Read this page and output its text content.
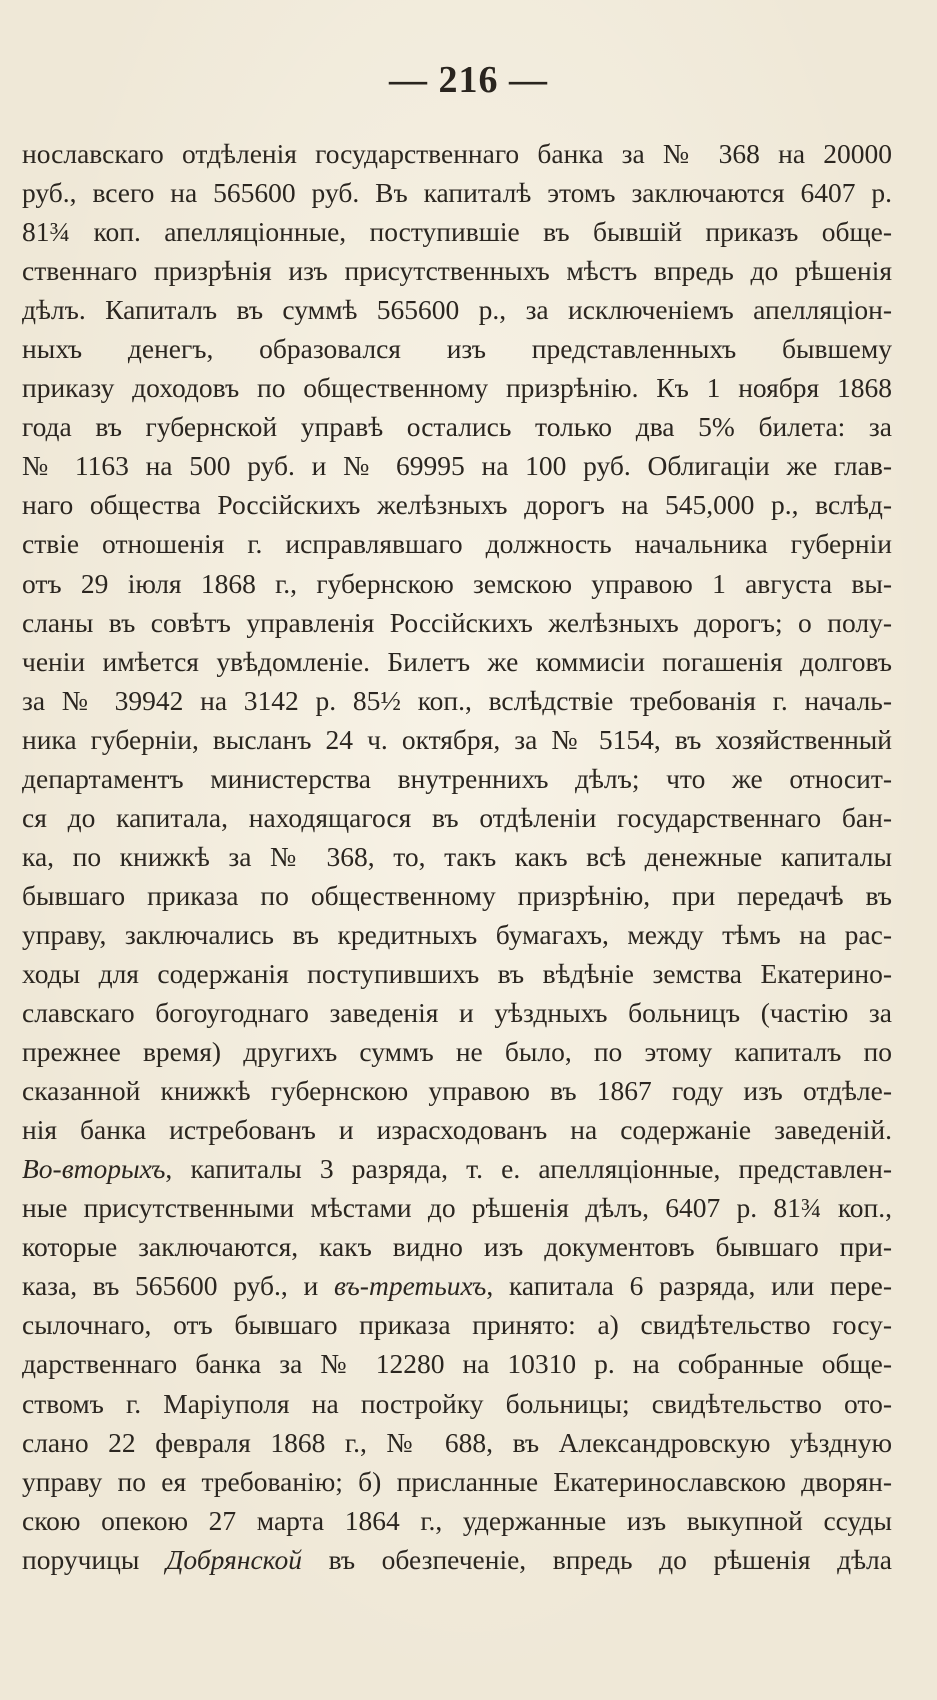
— 216 —
нославскаго отдѣленія государственнаго банка за № 368 на 20000
руб., всего на 565600 руб. Въ капиталѣ этомъ заключаются 6407 р.
81¾ коп. апелляціонные, поступившіе въ бывшій приказъ обще-
ственнаго призрѣнія изъ присутственныхъ мѣстъ впредь до рѣшенія
дѣлъ. Капиталъ въ суммѣ 565600 р., за исключеніемъ апелляціон-
ныхъ денегъ, образовался изъ представленныхъ бывшему
приказу доходовъ по общественному призрѣнію. Къ 1 ноября 1868
года въ губернской управѣ остались только два 5% билета: за
№ 1163 на 500 руб. и № 69995 на 100 руб. Облигаціи же глав-
наго общества Россійскихъ желѣзныхъ дорогъ на 545,000 р., вслѣд-
ствіе отношенія г. исправлявшаго должность начальника губерніи
отъ 29 іюля 1868 г., губернскою земскою управою 1 августа вы-
сланы въ совѣтъ управленія Россійскихъ желѣзныхъ дорогъ; о полу-
ченіи имѣется увѣдомленіе. Билетъ же коммисіи погашенія долговъ
за № 39942 на 3142 р. 85½ коп., вслѣдствіе требованія г. началь-
ника губерніи, высланъ 24 ч. октября, за № 5154, въ хозяйственный
департаментъ министерства внутреннихъ дѣлъ; что же относит-
ся до капитала, находящагося въ отдѣленіи государственнаго бан-
ка, по книжкѣ за № 368, то, такъ какъ всѣ денежные капиталы
бывшаго приказа по общественному призрѣнію, при передачѣ въ
управу, заключались въ кредитныхъ бумагахъ, между тѣмъ на рас-
ходы для содержанія поступившихъ въ вѣдѣніе земства Екатерино-
славскаго богоугоднаго заведенія и уѣздныхъ больницъ (частію за
прежнее время) другихъ суммъ не было, по этому капиталъ по
сказанной книжкѣ губернскою управою въ 1867 году изъ отдѣле-
нія банка истребованъ и израсходованъ на содержаніе заведеній.
Во-вторыхъ, капиталы 3 разряда, т. е. апелляціонные, представлен-
ные присутственными мѣстами до рѣшенія дѣлъ, 6407 р. 81¾ коп.,
которые заключаются, какъ видно изъ документовъ бывшаго при-
каза, въ 565600 руб., и въ-третьихъ, капитала 6 разряда, или пере-
сылочнаго, отъ бывшаго приказа принято: а) свидѣтельство госу-
дарственнаго банка за № 12280 на 10310 р. на собранные обще-
ствомъ г. Маріуполя на постройку больницы; свидѣтельство ото-
слано 22 февраля 1868 г., № 688, въ Александровскую уѣздную
управу по ея требованію; б) присланные Екатеринославскою дворян-
скою опекою 27 марта 1864 г., удержанные изъ выкупной ссуды
поручицы Добрянской въ обезпеченіе, впредь до рѣшенія дѣла
